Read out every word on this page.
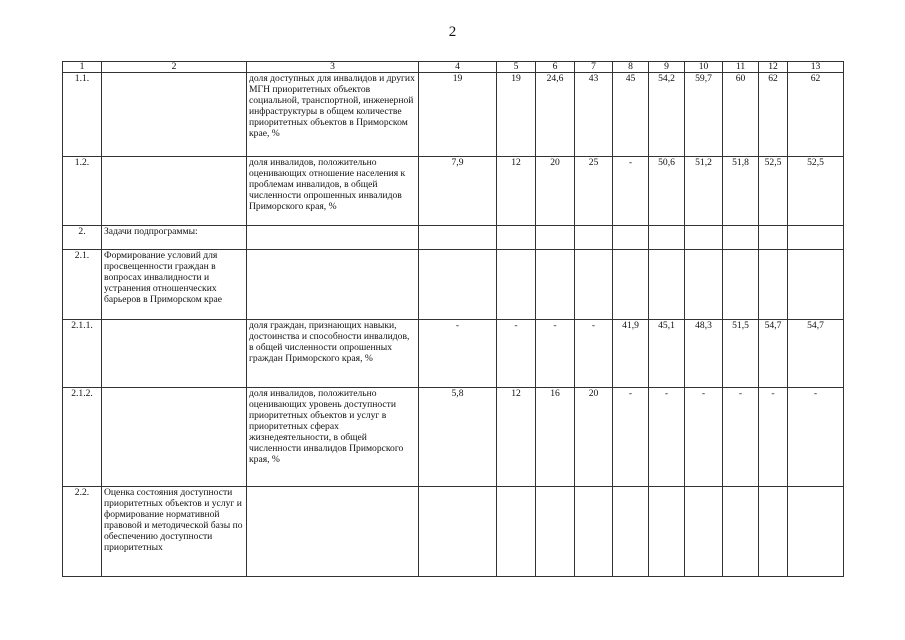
2
1	2	3	4	5	6	7	8	9	10	11	12	13
1.1.		доля доступных для инвалидов и других МГН приоритетных объектов социальной, транспортной, инженерной инфраструктуры в общем количестве приоритетных объектов в Приморском крае, %	19	19	24,6	43	45	54,2	59,7	60	62	62
1.2.		доля инвалидов, положительно оценивающих отношение населения к проблемам инвалидов, в общей численности опрошенных инвалидов Приморского края, %	7,9	12	20	25	-	50,6	51,2	51,8	52,5	52,5
2.	Задачи подпрограммы:											
2.1.	Формирование условий для просвещенности граждан в вопросах инвалидности и устранения отношенческих барьеров в Приморском крае											
2.1.1.		доля граждан, признающих навыки, достоинства и способности инвалидов, в общей численности опрошенных граждан Приморского края, %	-	-	-	-	41,9	45,1	48,3	51,5	54,7	54,7
2.1.2.		доля инвалидов, положительно оценивающих уровень доступности приоритетных объектов и услуг в приоритетных сферах жизнедеятельности, в общей численности инвалидов Приморского края, %	5,8	12	16	20	-	-	-	-	-	-
2.2.	Оценка состояния доступности приоритетных объектов и услуг и формирование нормативной правовой и методической базы по обеспечению доступности приоритетных											
